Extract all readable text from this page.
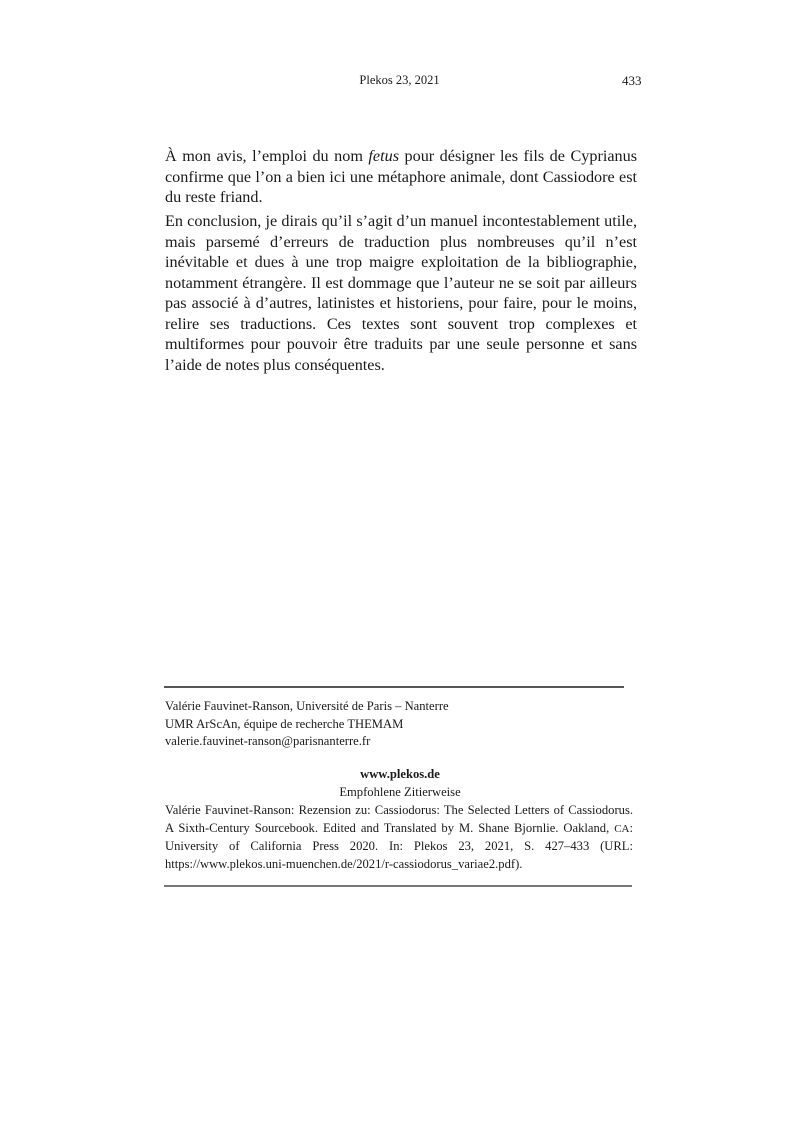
Plekos 23, 2021	433

À mon avis, l’emploi du nom fetus pour désigner les fils de Cyprianus confirme que l’on a bien ici une métaphore animale, dont Cassiodore est du reste friand.

En conclusion, je dirais qu’il s’agit d’un manuel incontestablement utile, mais parsemé d’erreurs de traduction plus nombreuses qu’il n’est inévitable et dues à une trop maigre exploitation de la bibliographie, notamment étrangère. Il est dommage que l’auteur ne se soit par ailleurs pas associé à d’autres, latinistes et historiens, pour faire, pour le moins, relire ses traductions. Ces textes sont souvent trop complexes et multiformes pour pouvoir être traduits par une seule personne et sans l’aide de notes plus conséquentes.

Valérie Fauvinet-Ranson, Université de Paris – Nanterre
UMR ArScAn, équipe de recherche THEMAM
valerie.fauvinet-ranson@parisnanterre.fr
www.plekos.de
Empfohlene Zitierweise
Valérie Fauvinet-Ranson: Rezension zu: Cassiodorus: The Selected Letters of Cassiodorus. A Sixth-Century Sourcebook. Edited and Translated by M. Shane Bjornlie. Oakland, CA: University of California Press 2020. In: Plekos 23, 2021, S. 427–433 (URL: https://www.plekos.uni-muenchen.de/2021/r-cassiodorus_variae2.pdf).
